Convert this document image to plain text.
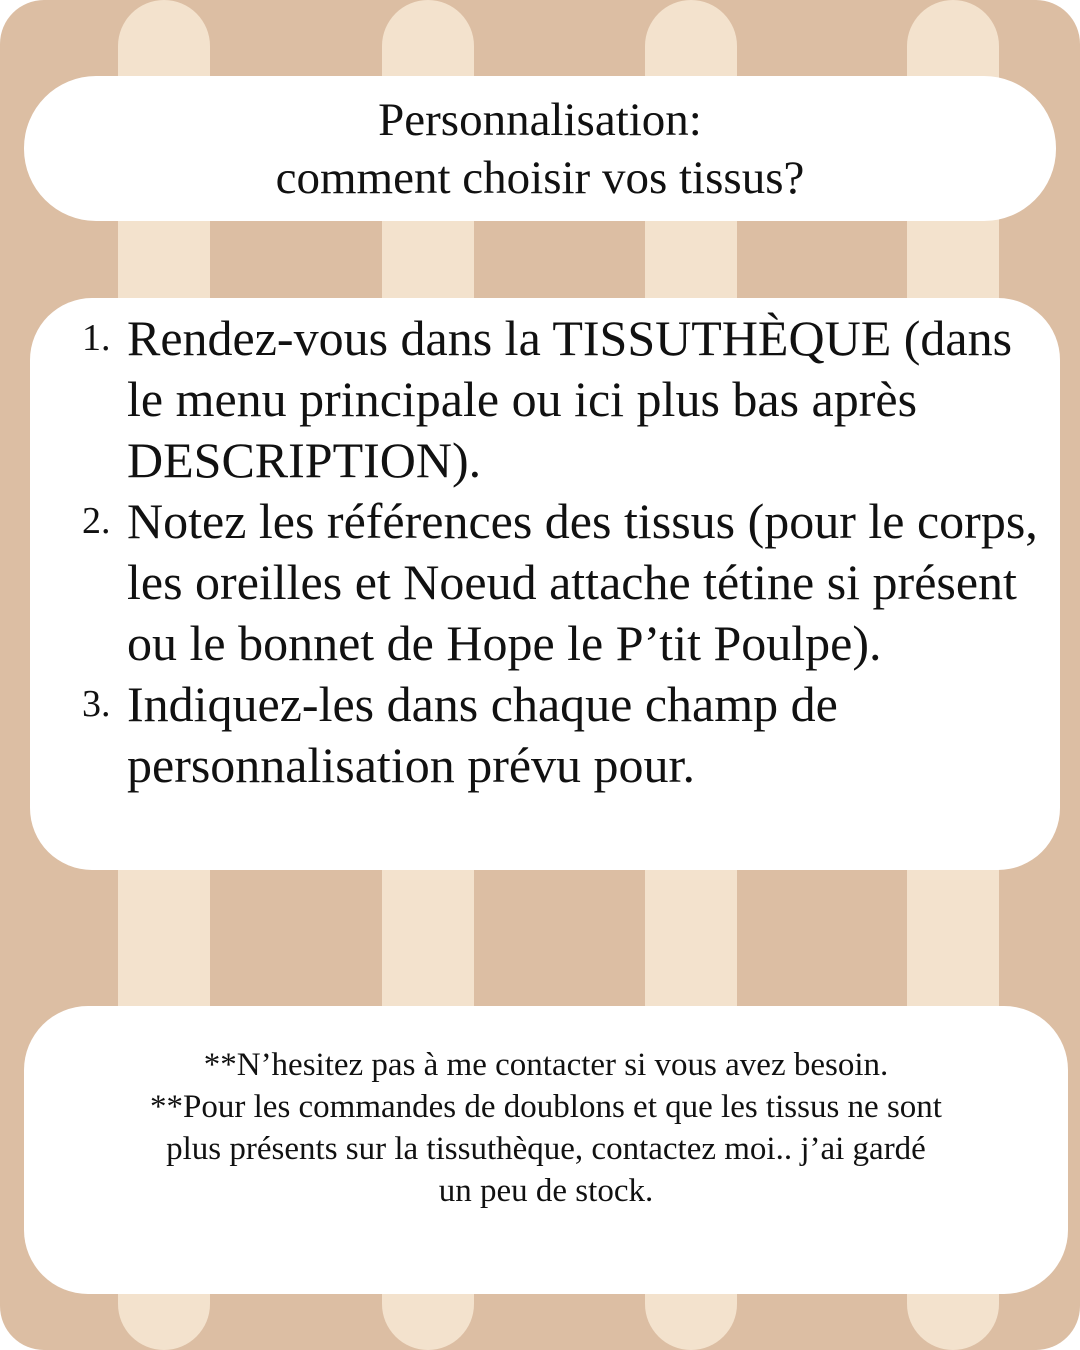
Personnalisation:
comment choisir vos tissus?
1. Rendez-vous dans la TISSUTHÈQUE (dans le menu principale ou ici plus bas après DESCRIPTION).
2. Notez les références des tissus (pour le corps, les oreilles et Noeud attache tétine si présent ou le bonnet de Hope le P’tit Poulpe).
3. Indiquez-les dans chaque champ de personnalisation prévu pour.
**N’hesitez pas à me contacter si vous avez besoin.
**Pour les commandes de doublons et que les tissus ne sont
plus présents sur la tissuthèque, contactez moi.. j’ai gardé
un peu de stock.
